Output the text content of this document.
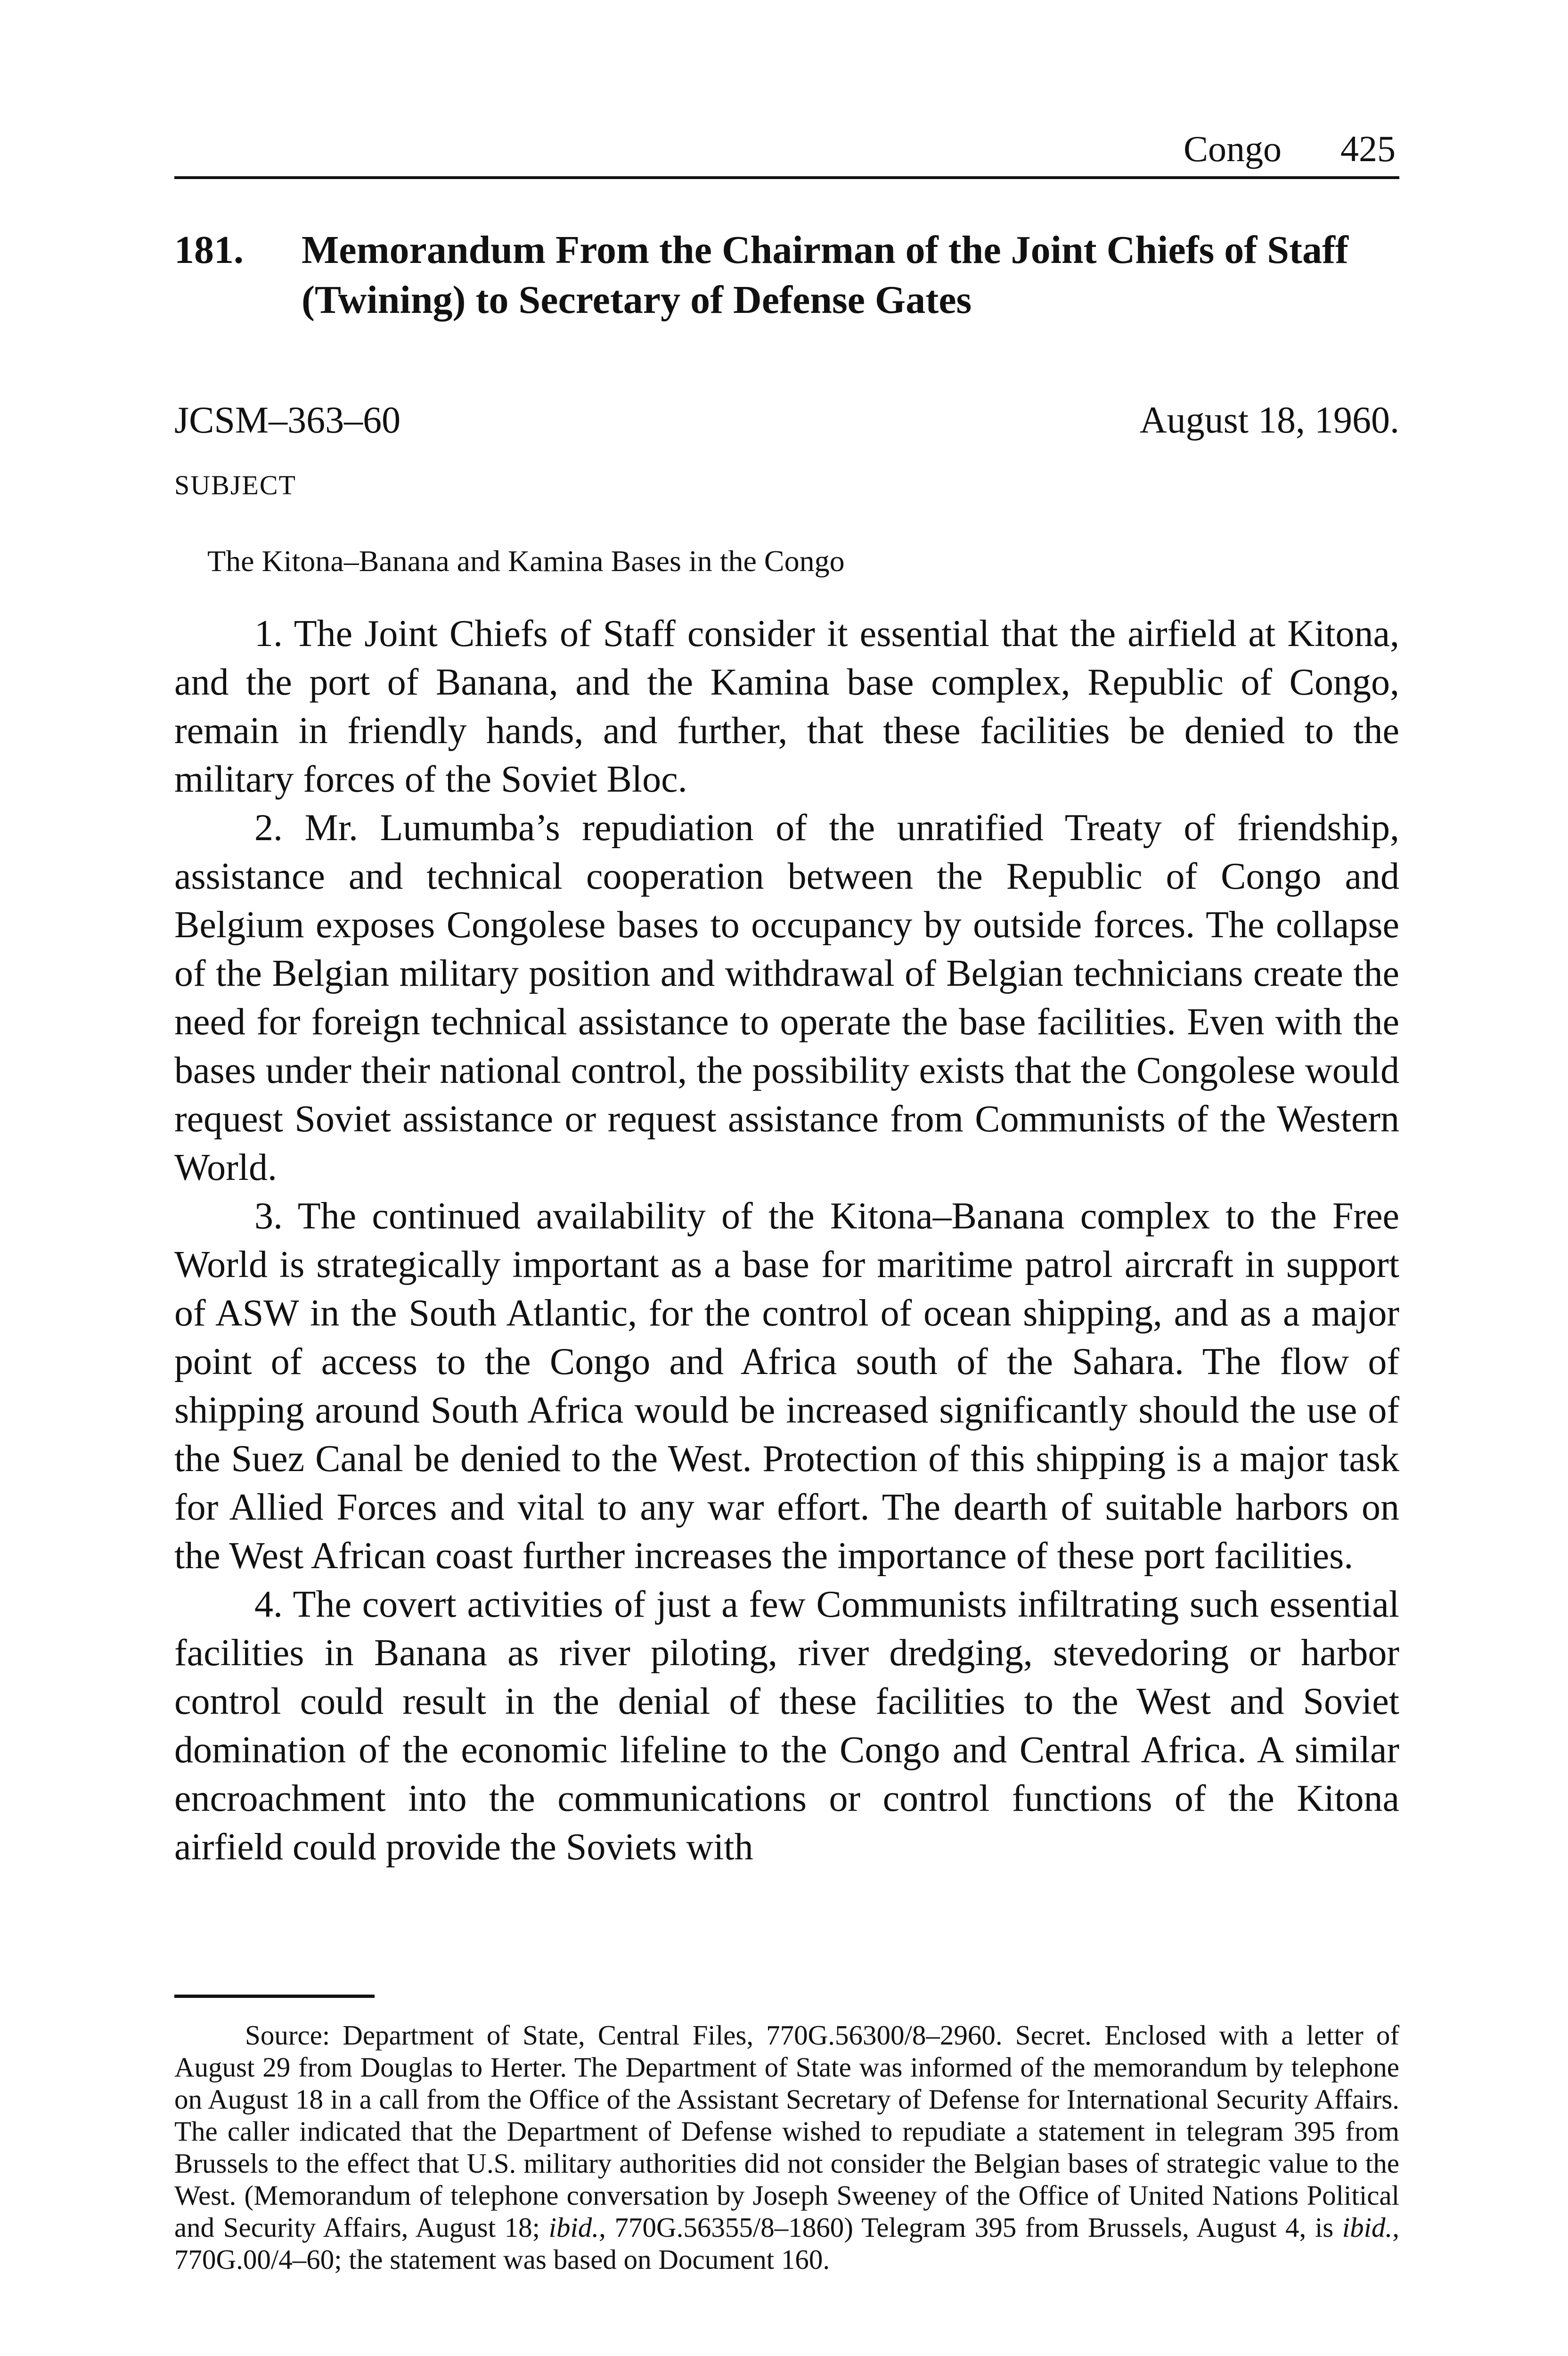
Congo 425
181. Memorandum From the Chairman of the Joint Chiefs of Staff (Twining) to Secretary of Defense Gates
JCSM–363–60	August 18, 1960.
SUBJECT
The Kitona–Banana and Kamina Bases in the Congo

1. The Joint Chiefs of Staff consider it essential that the airfield at Kitona, and the port of Banana, and the Kamina base complex, Republic of Congo, remain in friendly hands, and further, that these facilities be denied to the military forces of the Soviet Bloc.

2. Mr. Lumumba’s repudiation of the unratified Treaty of friendship, assistance and technical cooperation between the Republic of Congo and Belgium exposes Congolese bases to occupancy by outside forces. The collapse of the Belgian military position and withdrawal of Belgian technicians create the need for foreign technical assistance to operate the base facilities. Even with the bases under their national control, the possibility exists that the Congolese would request Soviet assistance or request assistance from Communists of the Western World.

3. The continued availability of the Kitona–Banana complex to the Free World is strategically important as a base for maritime patrol aircraft in support of ASW in the South Atlantic, for the control of ocean shipping, and as a major point of access to the Congo and Africa south of the Sahara. The flow of shipping around South Africa would be increased significantly should the use of the Suez Canal be denied to the West. Protection of this shipping is a major task for Allied Forces and vital to any war effort. The dearth of suitable harbors on the West African coast further increases the importance of these port facilities.

4. The covert activities of just a few Communists infiltrating such essential facilities in Banana as river piloting, river dredging, stevedoring or harbor control could result in the denial of these facilities to the West and Soviet domination of the economic lifeline to the Congo and Central Africa. A similar encroachment into the communications or control functions of the Kitona airfield could provide the Soviets with

Source: Department of State, Central Files, 770G.56300/8–2960. Secret. Enclosed with a letter of August 29 from Douglas to Herter. The Department of State was informed of the memorandum by telephone on August 18 in a call from the Office of the Assistant Secretary of Defense for International Security Affairs. The caller indicated that the Department of Defense wished to repudiate a statement in telegram 395 from Brussels to the effect that U.S. military authorities did not consider the Belgian bases of strategic value to the West. (Memorandum of telephone conversation by Joseph Sweeney of the Office of United Nations Political and Security Affairs, August 18; ibid., 770G.56355/8–1860) Telegram 395 from Brussels, August 4, is ibid., 770G.00/4–60; the statement was based on Document 160.
